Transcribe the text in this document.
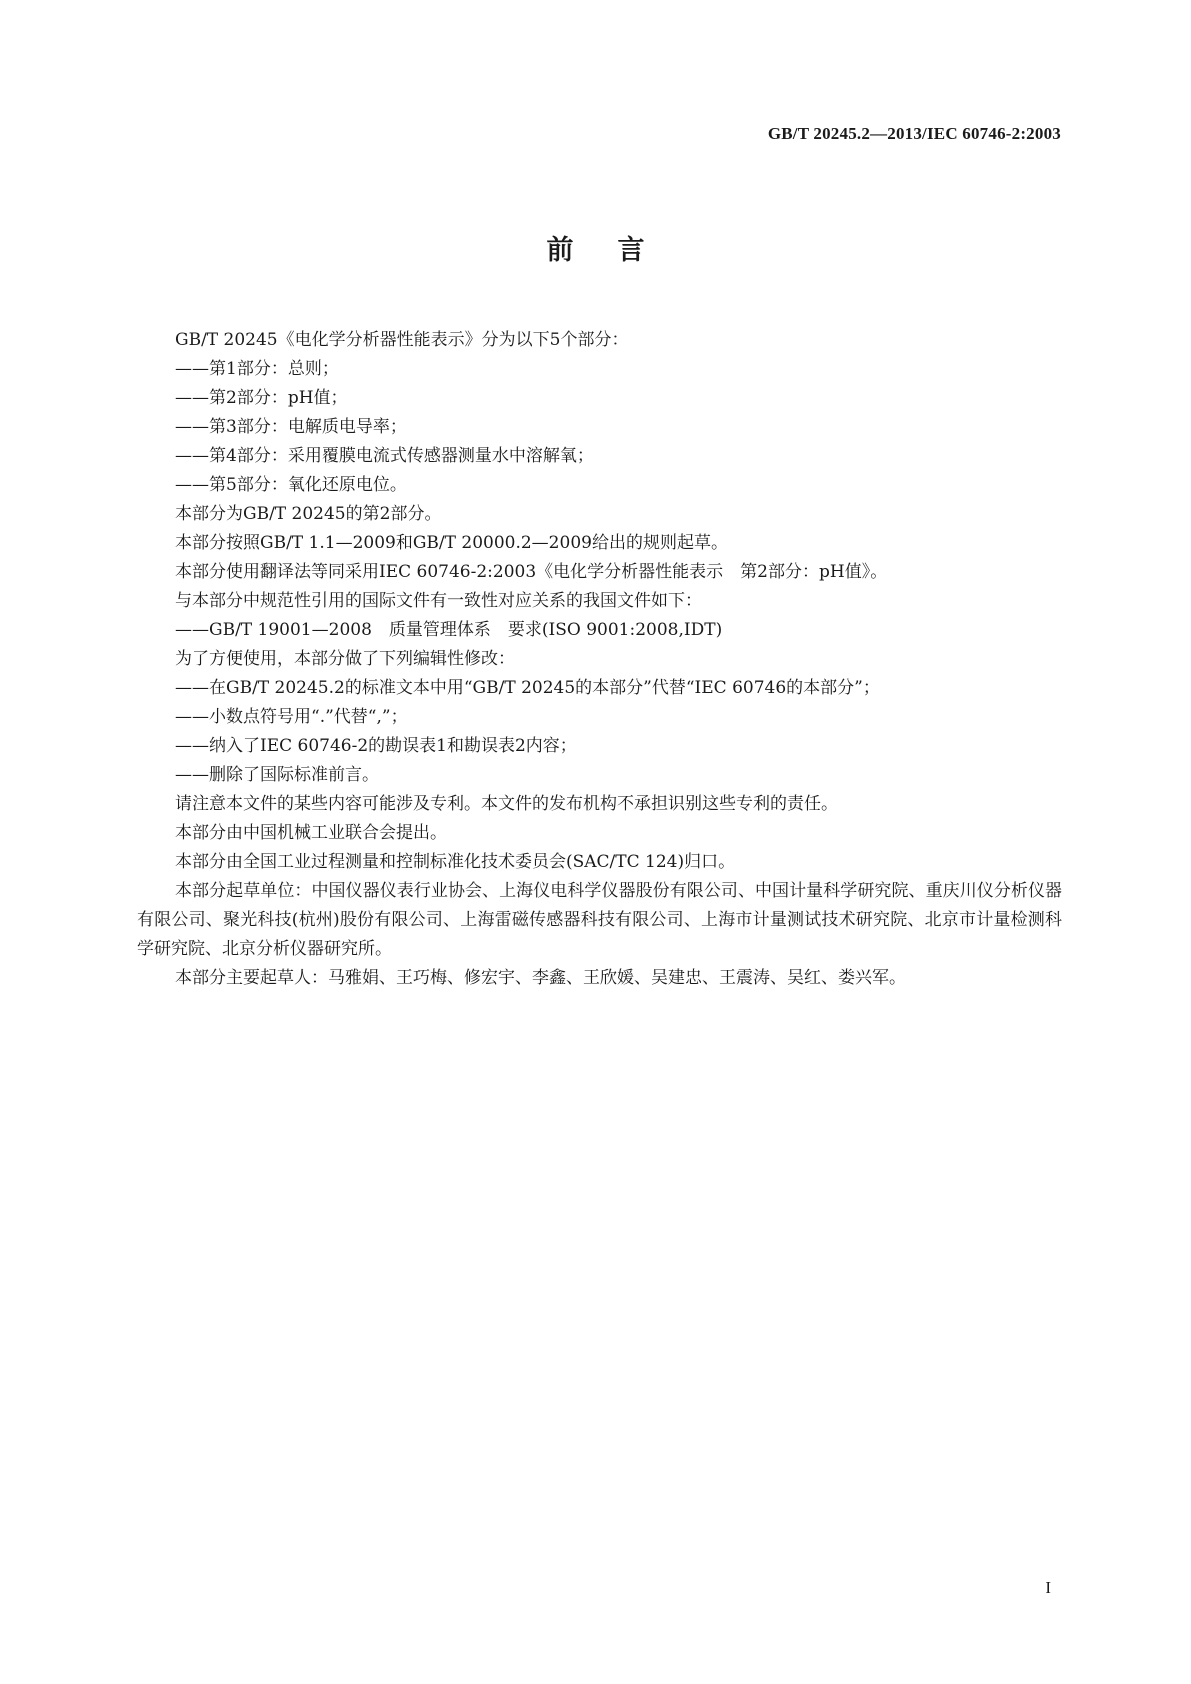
GB/T 20245.2—2013/IEC 60746-2:2003
前言

GB/T 20245《电化学分析器性能表示》分为以下5个部分：

——第1部分：总则；

——第2部分：pH值；

——第3部分：电解质电导率；

——第4部分：采用覆膜电流式传感器测量水中溶解氧；

——第5部分：氧化还原电位。

本部分为GB/T 20245的第2部分。

本部分按照GB/T 1.1—2009和GB/T 20000.2—2009给出的规则起草。

本部分使用翻译法等同采用IEC 60746-2:2003《电化学分析器性能表示　第2部分：pH值》。

与本部分中规范性引用的国际文件有一致性对应关系的我国文件如下：

——GB/T 19001—2008　质量管理体系　要求(ISO 9001:2008,IDT)

为了方便使用，本部分做了下列编辑性修改：

——在GB/T 20245.2的标准文本中用“GB/T 20245的本部分”代替“IEC 60746的本部分”；

——小数点符号用“.”代替“,”；

——纳入了IEC 60746-2的勘误表1和勘误表2内容；

——删除了国际标准前言。

请注意本文件的某些内容可能涉及专利。本文件的发布机构不承担识别这些专利的责任。

本部分由中国机械工业联合会提出。

本部分由全国工业过程测量和控制标准化技术委员会(SAC/TC 124)归口。

本部分起草单位：中国仪器仪表行业协会、上海仪电科学仪器股份有限公司、中国计量科学研究院、重庆川仪分析仪器有限公司、聚光科技(杭州)股份有限公司、上海雷磁传感器科技有限公司、上海市计量测试技术研究院、北京市计量检测科学研究院、北京分析仪器研究所。

本部分主要起草人：马雅娟、王巧梅、修宏宇、李鑫、王欣媛、吴建忠、王震涛、吴红、娄兴军。

I
